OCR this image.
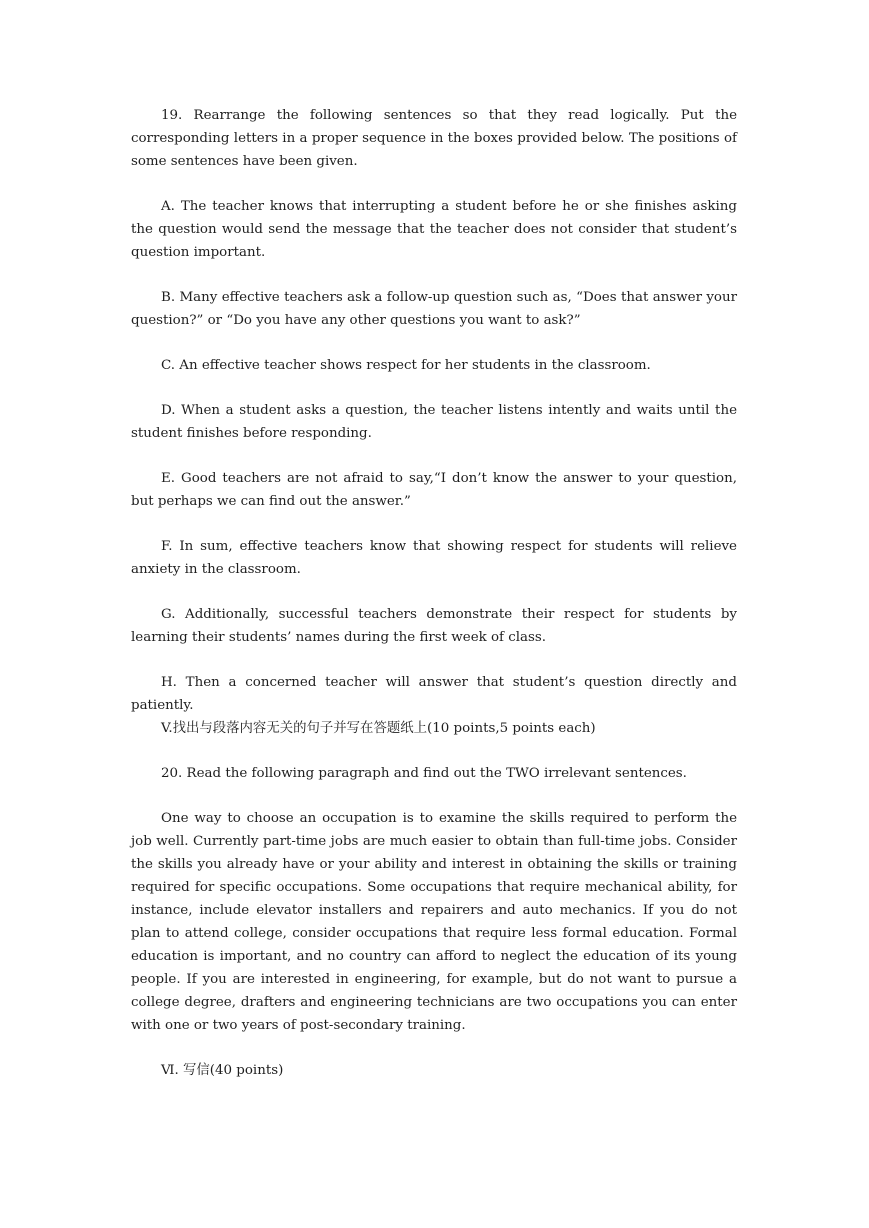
19. Rearrange the following sentences so that they read logically. Put the corresponding letters in a proper sequence in the boxes provided below. The positions of some sentences have been given.

A. The teacher knows that interrupting a student before he or she finishes asking the question would send the message that the teacher does not consider that student’s question important.

B. Many effective teachers ask a follow-up question such as, “Does that answer your question?” or “Do you have any other questions you want to ask?”

C. An effective teacher shows respect for her students in the classroom.

D. When a student asks a question, the teacher listens intently and waits until the student finishes before responding.

E. Good teachers are not afraid to say,“I don’t know the answer to your question, but perhaps we can find out the answer.”

F. In sum, effective teachers know that showing respect for students will relieve anxiety in the classroom.

G. Additionally, successful teachers demonstrate their respect for students by learning their students’ names during the first week of class.

H. Then a concerned teacher will answer that student’s question directly and patiently.

V.找出与段落内容无关的句子并写在答题纸上(10 points,5 points each)

20. Read the following paragraph and find out the TWO irrelevant sentences.

One way to choose an occupation is to examine the skills required to perform the job well. Currently part-time jobs are much easier to obtain than full-time jobs. Consider the skills you already have or your ability and interest in obtaining the skills or training required for specific occupations. Some occupations that require mechanical ability, for instance, include elevator installers and repairers and auto mechanics. If you do not plan to attend college, consider occupations that require less formal education. Formal education is important, and no country can afford to neglect the education of its young people. If you are interested in engineering, for example, but do not want to pursue a college degree, drafters and engineering technicians are two occupations you can enter with one or two years of post-secondary training.

Ⅵ. 写信(40 points)
